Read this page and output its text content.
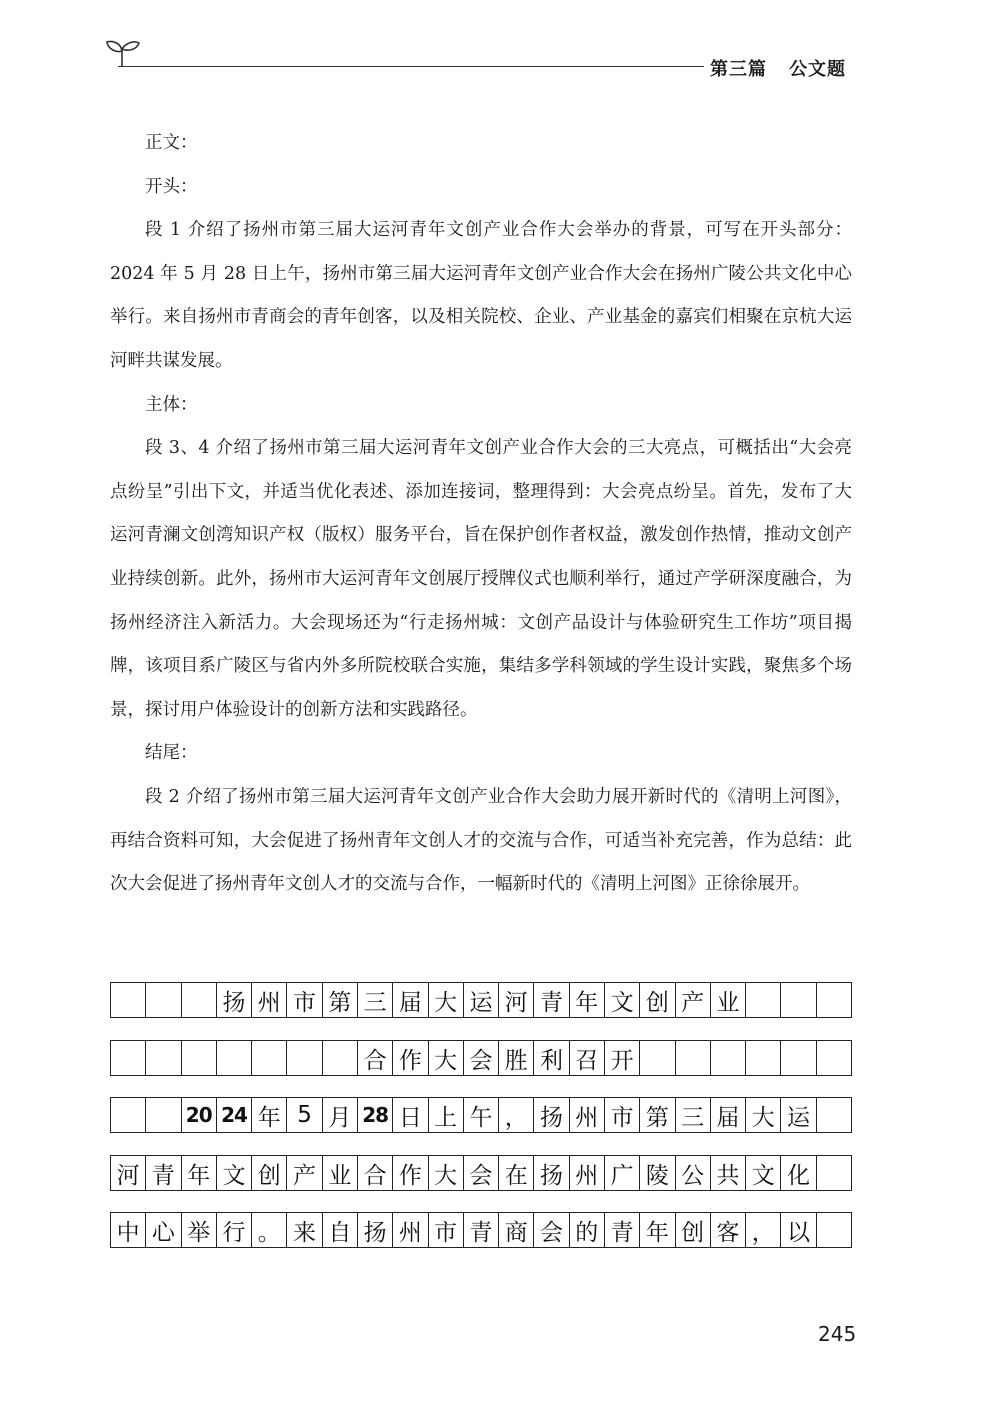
第三篇 公文题

正文：

开头：

段 1 介绍了扬州市第三届大运河青年文创产业合作大会举办的背景，可写在开头部分：2024 年 5 月 28 日上午，扬州市第三届大运河青年文创产业合作大会在扬州广陵公共文化中心举行。来自扬州市青商会的青年创客，以及相关院校、企业、产业基金的嘉宾们相聚在京杭大运河畔共谋发展。

主体：

段 3、4 介绍了扬州市第三届大运河青年文创产业合作大会的三大亮点，可概括出“大会亮点纷呈”引出下文，并适当优化表述、添加连接词，整理得到：大会亮点纷呈。首先，发布了大运河青澜文创湾知识产权（版权）服务平台，旨在保护创作者权益，激发创作热情，推动文创产业持续创新。此外，扬州市大运河青年文创展厅授牌仪式也顺利举行，通过产学研深度融合，为扬州经济注入新活力。大会现场还为“行走扬州城：文创产品设计与体验研究生工作坊”项目揭牌，该项目系广陵区与省内外多所院校联合实施，集结多学科领域的学生设计实践，聚焦多个场景，探讨用户体验设计的创新方法和实践路径。

结尾：

段 2 介绍了扬州市第三届大运河青年文创产业合作大会助力展开新时代的《清明上河图》，再结合资料可知，大会促进了扬州青年文创人才的交流与合作，可适当补充完善，作为总结：此次大会促进了扬州青年文创人才的交流与合作，一幅新时代的《清明上河图》正徐徐展开。

扬 州 市 第 三 届 大 运 河 青 年 文 创 产 业
合 作 大 会 胜 利 召 开
20 24 年 5 月 28 日 上 午 ， 扬 州 市 第 三 届 大 运
河 青 年 文 创 产 业 合 作 大 会 在 扬 州 广 陵 公 共 文 化
中 心 举 行 。 来 自 扬 州 市 青 商 会 的 青 年 创 客 ， 以
245
